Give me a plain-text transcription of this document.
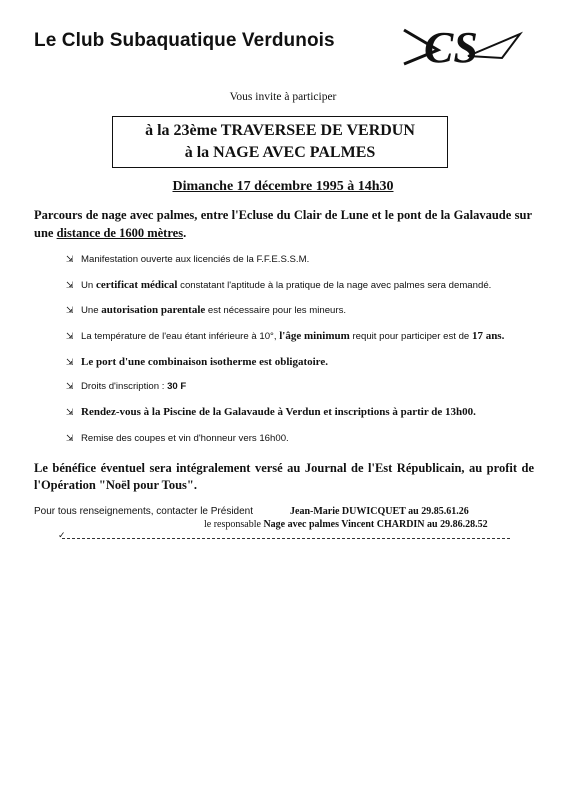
Le Club Subaquatique Verdunois CS
Vous invite à participer
à la 23ème TRAVERSEE DE VERDUN
à la NAGE AVEC PALMES
Dimanche 17 décembre 1995 à 14h30
Parcours de nage avec palmes, entre l'Ecluse du Clair de Lune et le pont de la Galavaude sur une distance de 1600 mètres.
⇲ Manifestation ouverte aux licenciés de la F.F.E.S.S.M.
⇲ Un certificat médical constatant l'aptitude à la pratique de la nage avec palmes sera demandé.
⇲ Une autorisation parentale est nécessaire pour les mineurs.
⇲ La température de l'eau étant inférieure à 10°, l'âge minimum requit pour participer est de 17 ans.
⇲ Le port d'une combinaison isotherme est obligatoire.
⇲ Droits d'inscription : 30 F
⇲ Rendez-vous à la Piscine de la Galavaude à Verdun et inscriptions à partir de 13h00.
⇲ Remise des coupes et vin d'honneur vers 16h00.
Le bénéfice éventuel sera intégralement versé au Journal de l'Est Républicain, au profit de l'Opération "Noël pour Tous".
Pour tous renseignements, contacter le Président	Jean-Marie DUWICQUET au 29.85.61.26
le responsable Nage avec palmes Vincent CHARDIN au 29.86.28.52
✓
